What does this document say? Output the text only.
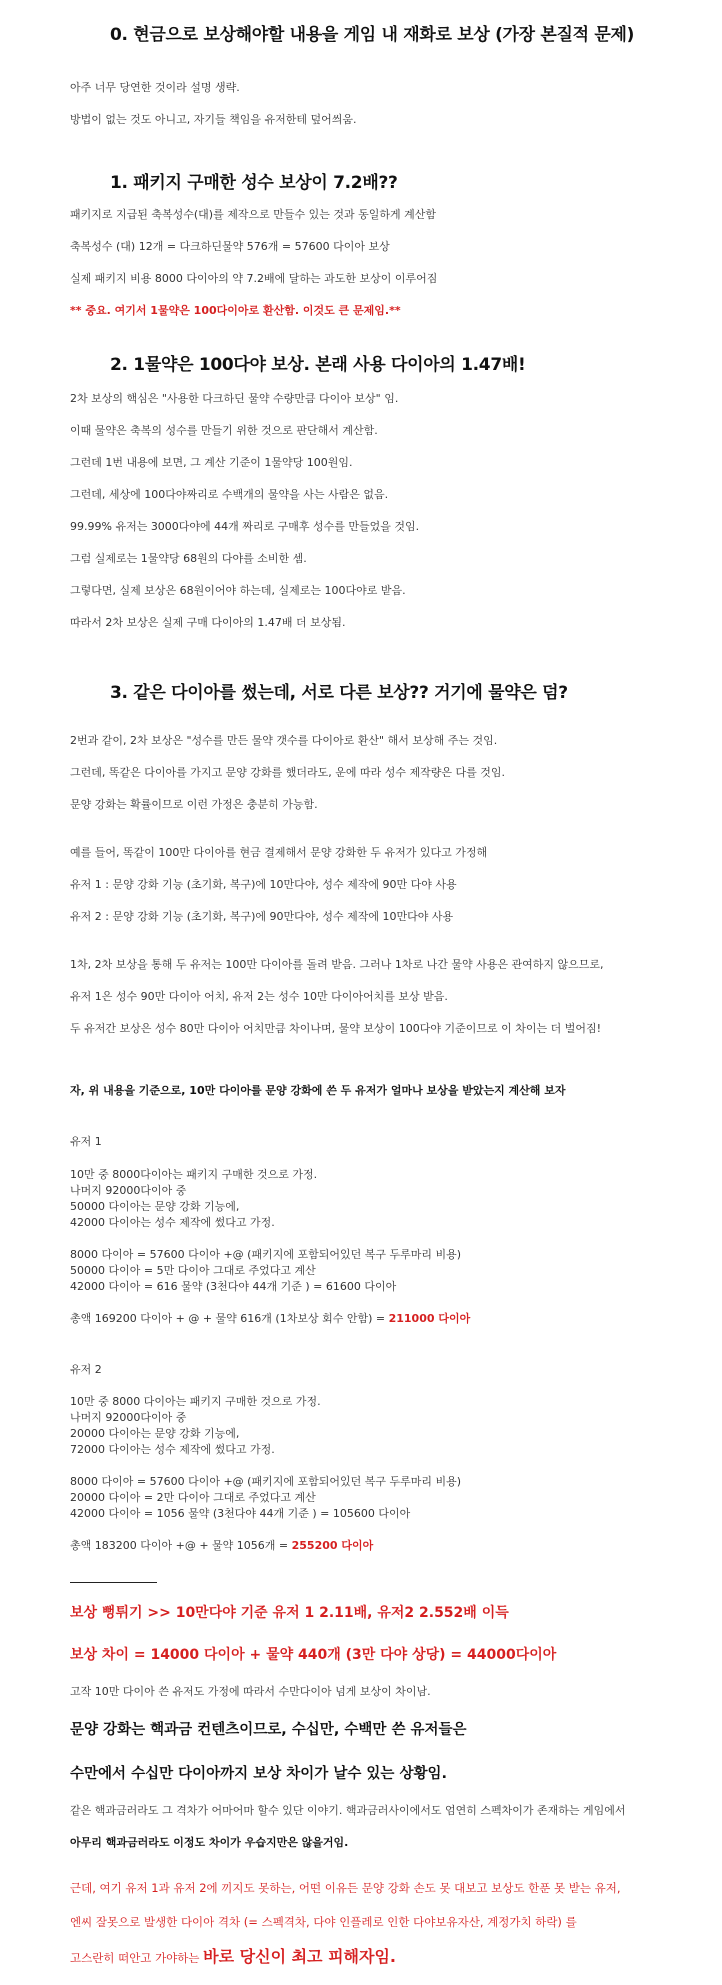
0. 현금으로 보상해야할 내용을 게임 내 재화로 보상 (가장 본질적 문제)
아주 너무 당연한 것이라 설명 생략.
방법이 없는 것도 아니고, 자기들 책임을 유저한테 덮어씌움.
1. 패키지 구매한 성수 보상이 7.2배??
패키지로 지급된 축복성수(대)를 제작으로 만들수 있는 것과 동일하게 계산함
축복성수 (대) 12개 = 다크하딘물약 576개 = 57600 다이아 보상
실제 패키지 비용 8000 다이아의 약 7.2배에 달하는 과도한 보상이 이루어짐
** 중요. 여기서 1물약은 100다이아로 환산함. 이것도 큰 문제임.**
2. 1물약은 100다야 보상. 본래 사용 다이아의 1.47배!
2차 보상의 핵심은 "사용한 다크하딘 물약 수량만큼 다이아 보상" 임.
이때 물약은 축복의 성수를 만들기 위한 것으로 판단해서 계산함.
그런데 1번 내용에 보면, 그 계산 기준이 1물약당 100원임.
그런데, 세상에 100다야짜리로 수백개의 물약을 사는 사람은 없음.
99.99% 유저는 3000다야에 44개 짜리로 구매후 성수를 만들었을 것임.
그럼 실제로는 1물약당 68원의 다야를 소비한 셈.
그렇다면, 실제 보상은 68원이어야 하는데, 실제로는 100다야로 받음.
따라서 2차 보상은 실제 구매 다이아의 1.47배 더 보상됨.
3. 같은 다이아를 썼는데, 서로 다른 보상?? 거기에 물약은 덤?
2번과 같이, 2차 보상은 "성수를 만든 물약 갯수를 다이아로 환산" 해서 보상해 주는 것임.
그런데, 똑같은 다이아를 가지고 문양 강화를 했더라도, 운에 따라 성수 제작량은 다를 것임.
문양 강화는 확률이므로 이런 가정은 충분히 가능함.
예를 들어, 똑같이 100만 다이아를 현금 결제해서 문양 강화한 두 유저가 있다고 가정해
유저 1 : 문양 강화 기능 (초기화, 복구)에 10만다야, 성수 제작에 90만 다야 사용
유저 2 : 문양 강화 기능 (초기화, 복구)에 90만다야, 성수 제작에 10만다야 사용
1차, 2차 보상을 통해 두 유저는 100만 다이아를 돌려 받음. 그러나 1차로 나간 물약 사용은 관여하지 않으므로,
유저 1은 성수 90만 다이아 어치, 유저 2는 성수 10만 다이아어치를 보상 받음.
두 유저간 보상은 성수 80만 다이아 어치만큼 차이나며, 물약 보상이 100다야 기준이므로 이 차이는 더 벌어짐!
자, 위 내용을 기준으로, 10만 다이아를 문양 강화에 쓴 두 유저가 얼마나 보상을 받았는지 계산해 보자
유저 1
10만 중 8000다이아는 패키지 구매한 것으로 가정.
나머지 92000다이아 중
50000 다이아는 문양 강화 기능에,
42000 다이아는 성수 제작에 썼다고 가정.
8000 다이아 = 57600 다이아 +@ (패키지에 포함되어있던 복구 두루마리 비용)
50000 다이아 = 5만 다이아 그대로 주었다고 계산
42000 다이아 = 616 물약 (3천다야 44개 기준 ) = 61600 다이아
총액 169200 다이아 + @ + 물약 616개 (1차보상 회수 안함) = 211000 다이아
유저 2
10만 중 8000 다이아는 패키지 구매한 것으로 가정.
나머지 92000다이아 중
20000 다이아는 문양 강화 기능에,
72000 다이아는 성수 제작에 썼다고 가정.
8000 다이아 = 57600 다이아 +@ (패키지에 포함되어있던 복구 두루마리 비용)
20000 다이아 = 2만 다이아 그대로 주었다고 계산
42000 다이아 = 1056 물약 (3천다야 44개 기준 ) = 105600 다이아
총액 183200 다이아 +@ + 물약 1056개 = 255200 다이아
보상 뻥튀기 >> 10만다야 기준 유저 1 2.11배, 유저2 2.552배 이득
보상 차이 = 14000 다이아 + 물약 440개 (3만 다야 상당) = 44000다이아
고작 10만 다이아 쓴 유저도 가정에 따라서 수만다이아 넘게 보상이 차이남.
문양 강화는 핵과금 컨텐츠이므로, 수십만, 수백만 쓴 유저들은
수만에서 수십만 다이아까지 보상 차이가 날수 있는 상황임.
같은 핵과금러라도 그 격차가 어마어마 할수 있단 이야기. 핵과금러사이에서도 엄연히 스펙차이가 존재하는 게임에서
아무리 핵과금러라도 이정도 차이가 우습지만은 않을거임.
근데, 여기 유저 1과 유저 2에 끼지도 못하는, 어떤 이유든 문양 강화 손도 못 대보고 보상도 한푼 못 받는 유저,
엔씨 잘못으로 발생한 다이아 격차 (= 스펙격차, 다야 인플레로 인한 다야보유자산, 계정가치 하락) 를
고스란히 떠안고 가야하는 바로 당신이 최고 피해자임.
